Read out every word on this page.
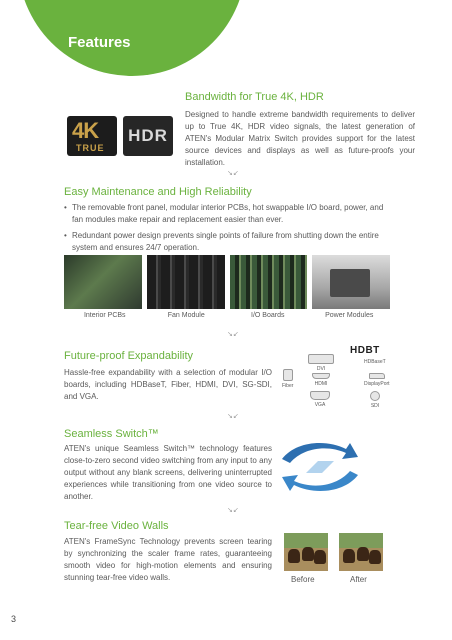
Features
4K
TRUE
HDR
Bandwidth for True 4K, HDR
Designed to handle extreme bandwidth requirements to deliver up to True 4K, HDR video signals, the latest generation of ATEN's Modular Matrix Switch provides support for the latest source devices and displays as well as future-proofs your installation.
↘↙
Easy Maintenance and High Reliability
• The removable front panel, modular interior PCBs, hot swappable I/O board, power, and fan modules make repair and replacement easier than ever.
• Redundant power design prevents single points of failure from shutting down the entire system and ensures 24/7 operation.
Interior PCBs	Fan Module	I/O Boards	Power Modules
↘↙
Future-proof Expandability
Hassle-free expandability with a selection of modular I/O boards, including HDBaseT, Fiber, HDMI, DVI, SG-SDI, and VGA.
HDBT
DVI
HDBaseT
Fiber	HDMI	DisplayPort
VGA	SDI
↘↙
Seamless Switch™
ATEN's unique Seamless Switch™ technology features close-to-zero second video switching from any input to any output without any blank screens, delivering uninterrupted experiences while transitioning from one video source to another.
↘↙
Tear-free Video Walls
ATEN's FrameSync Technology prevents screen tearing by synchronizing the scaler frame rates, guaranteeing smooth video for high-motion elements and ensuring stunning tear-free video walls.	Before	After
3
